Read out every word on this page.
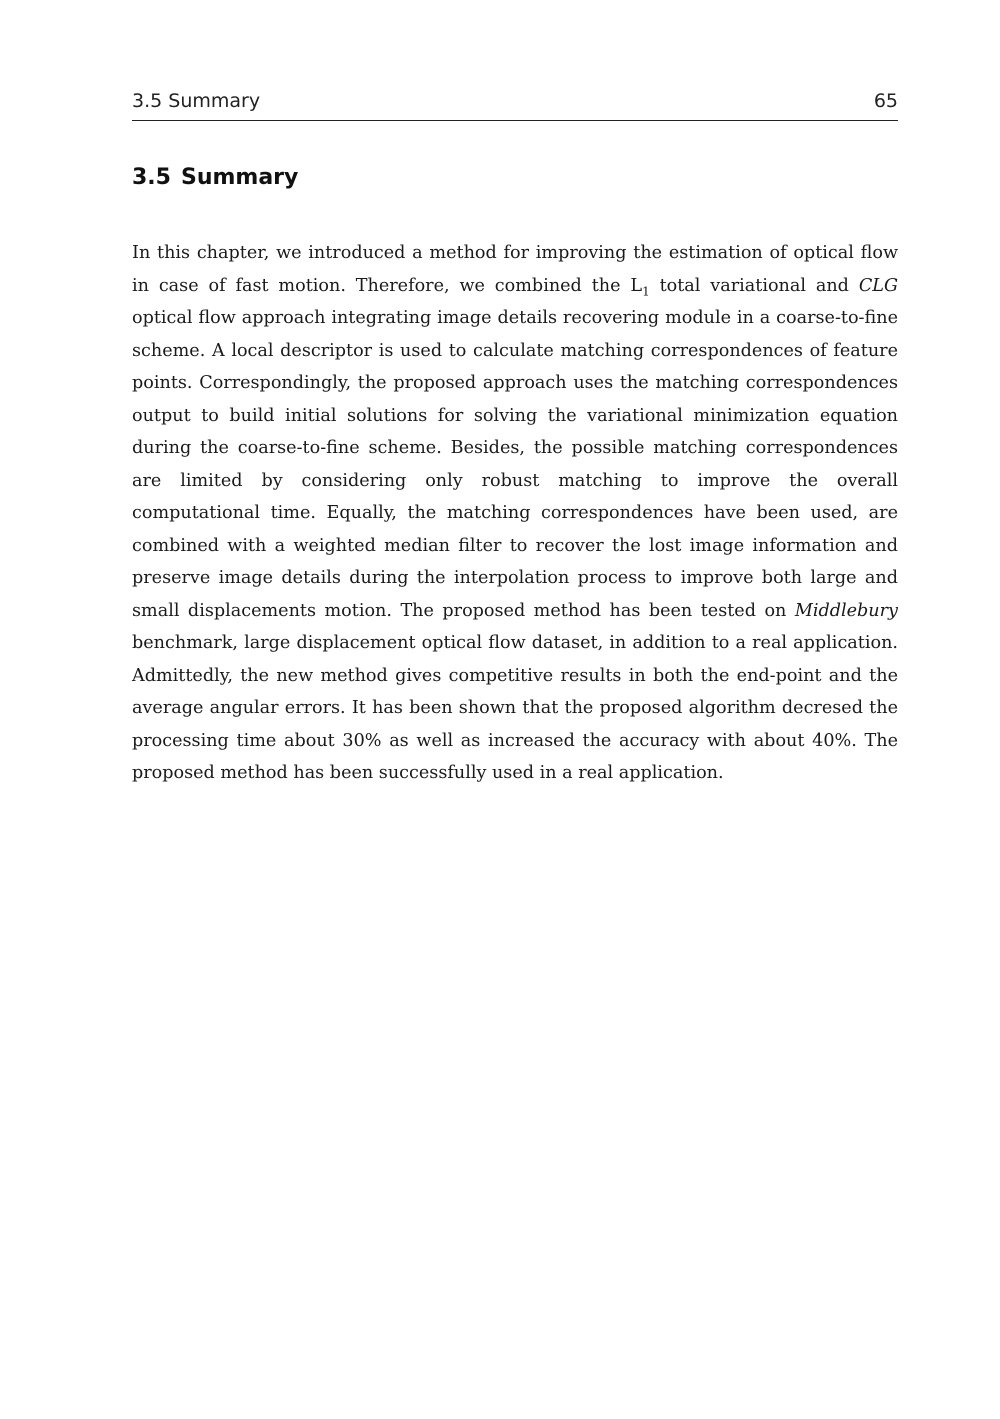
3.5 Summary	65
3.5 Summary

In this chapter, we introduced a method for improving the estimation of optical flow in case of fast motion. Therefore, we combined the $L_1$ total variational and CLG optical flow approach integrating image details recovering module in a coarse-to-fine scheme. A local descriptor is used to calculate matching correspondences of feature points. Correspondingly, the proposed approach uses the matching correspondences output to build initial solutions for solving the variational minimization equation during the coarse-to-fine scheme. Besides, the possible matching correspondences are limited by considering only robust matching to improve the overall computational time. Equally, the matching correspondences have been used, are combined with a weighted median filter to recover the lost image information and preserve image details during the interpolation process to improve both large and small displacements motion. The proposed method has been tested on Middlebury benchmark, large displacement optical flow dataset, in addition to a real application. Admittedly, the new method gives competitive results in both the end-point and the average angular errors. It has been shown that the proposed algorithm decresed the processing time about 30% as well as increased the accuracy with about 40%. The proposed method has been successfully used in a real application.
